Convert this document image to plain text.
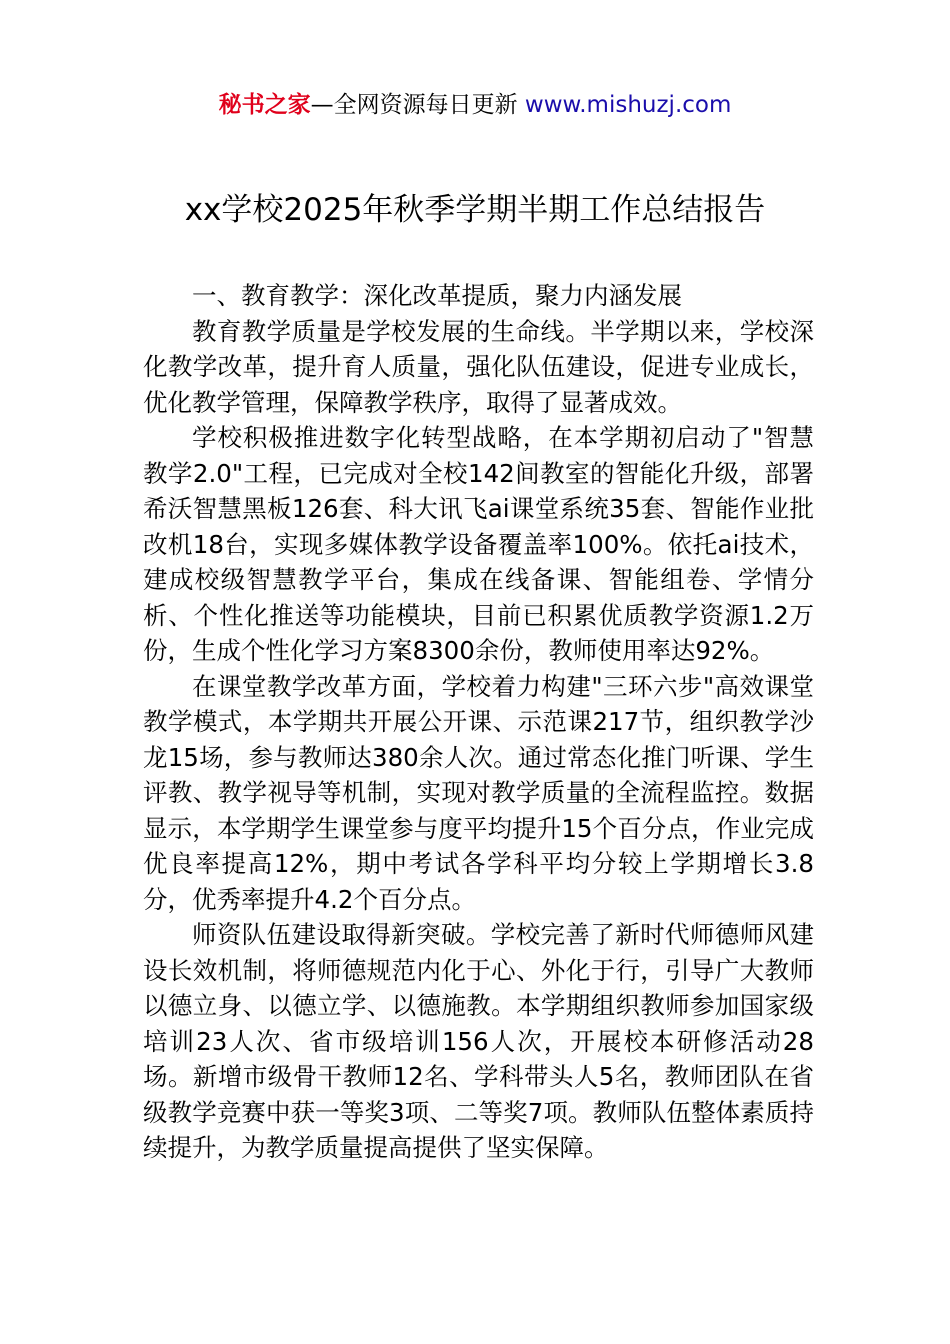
秘书之家—全网资源每日更新 www.mishuzj.com
xx学校2025年秋季学期半期工作总结报告
一、教育教学：深化改革提质，聚力内涵发展

教育教学质量是学校发展的生命线。半学期以来，学校深化教学改革，提升育人质量，强化队伍建设，促进专业成长，优化教学管理，保障教学秩序，取得了显著成效。

学校积极推进数字化转型战略，在本学期初启动了"智慧教学2.0"工程，已完成对全校142间教室的智能化升级，部署希沃智慧黑板126套、科大讯飞ai课堂系统35套、智能作业批改机18台，实现多媒体教学设备覆盖率100%。依托ai技术，建成校级智慧教学平台，集成在线备课、智能组卷、学情分析、个性化推送等功能模块，目前已积累优质教学资源1.2万份，生成个性化学习方案8300余份，教师使用率达92%。

在课堂教学改革方面，学校着力构建"三环六步"高效课堂教学模式，本学期共开展公开课、示范课217节，组织教学沙龙15场，参与教师达380余人次。通过常态化推门听课、学生评教、教学视导等机制，实现对教学质量的全流程监控。数据显示，本学期学生课堂参与度平均提升15个百分点，作业完成优良率提高12%，期中考试各学科平均分较上学期增长3.8分，优秀率提升4.2个百分点。

师资队伍建设取得新突破。学校完善了新时代师德师风建设长效机制，将师德规范内化于心、外化于行，引导广大教师以德立身、以德立学、以德施教。本学期组织教师参加国家级培训23人次、省市级培训156人次，开展校本研修活动28场。新增市级骨干教师12名、学科带头人5名，教师团队在省级教学竞赛中获一等奖3项、二等奖7项。教师队伍整体素质持续提升，为教学质量提高提供了坚实保障。
